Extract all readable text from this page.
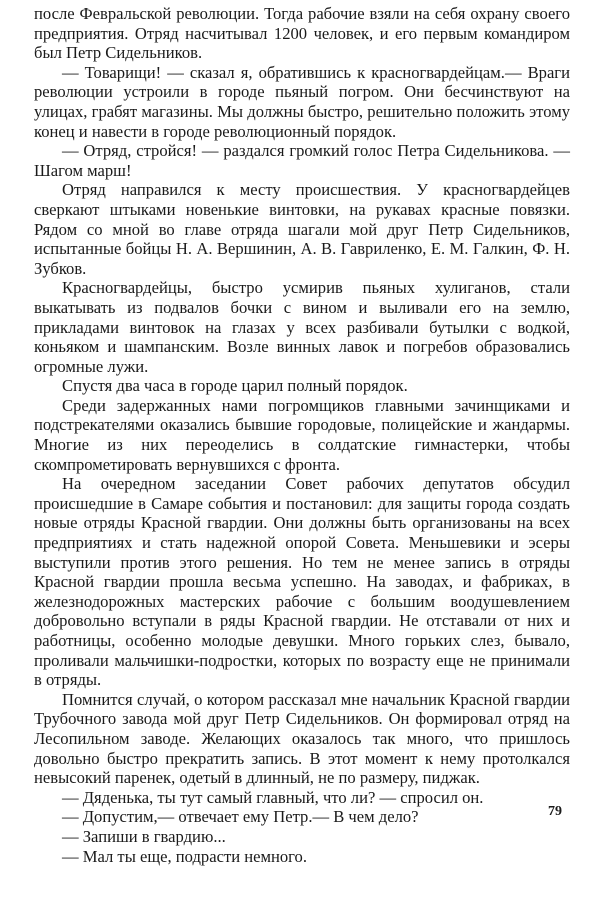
после Февральской революции. Тогда рабочие взяли на себя охрану своего предприятия. Отряд насчитывал 1200 человек, и его первым командиром был Петр Сидельников.

— Товарищи! — сказал я, обратившись к красногвардейцам.— Враги революции устроили в городе пьяный погром. Они бесчинствуют на улицах, грабят магазины. Мы должны быстро, решительно положить этому конец и навести в городе революционный порядок.

— Отряд, стройся! — раздался громкий голос Петра Сидельникова. — Шагом марш!

Отряд направился к месту происшествия. У красногвардейцев сверкают штыками новенькие винтовки, на рукавах красные повязки. Рядом со мной во главе отряда шагали мой друг Петр Сидельников, испытанные бойцы Н. А. Вершинин, А. В. Гавриленко, Е. М. Галкин, Ф. Н. Зубков.

Красногвардейцы, быстро усмирив пьяных хулиганов, стали выкатывать из подвалов бочки с вином и выливали его на землю, прикладами винтовок на глазах у всех разбивали бутылки с водкой, коньяком и шампанским. Возле винных лавок и погребов образовались огромные лужи.

Спустя два часа в городе царил полный порядок.

Среди задержанных нами погромщиков главными зачинщиками и подстрекателями оказались бывшие городовые, полицейские и жандармы. Многие из них переоделись в солдатские гимнастерки, чтобы скомпрометировать вернувшихся с фронта.

На очередном заседании Совет рабочих депутатов обсудил происшедшие в Самаре события и постановил: для защиты города создать новые отряды Красной гвардии. Они должны быть организованы на всех предприятиях и стать надежной опорой Совета. Меньшевики и эсеры выступили против этого решения. Но тем не менее запись в отряды Красной гвардии прошла весьма успешно. На заводах, и фабриках, в железнодорожных мастерских рабочие с большим воодушевлением добровольно вступали в ряды Красной гвардии. Не отставали от них и работницы, особенно молодые девушки. Много горьких слез, бывало, проливали мальчишки-подростки, которых по возрасту еще не принимали в отряды.

Помнится случай, о котором рассказал мне начальник Красной гвардии Трубочного завода мой друг Петр Сидельников. Он формировал отряд на Лесопильном заводе. Желающих оказалось так много, что пришлось довольно быстро прекратить запись. В этот момент к нему протолкался невысокий паренек, одетый в длинный, не по размеру, пиджак.

— Дяденька, ты тут самый главный, что ли? — спросил он.

— Допустим,— отвечает ему Петр.— В чем дело?

— Запиши в гвардию...

— Мал ты еще, подрасти немного.

79
